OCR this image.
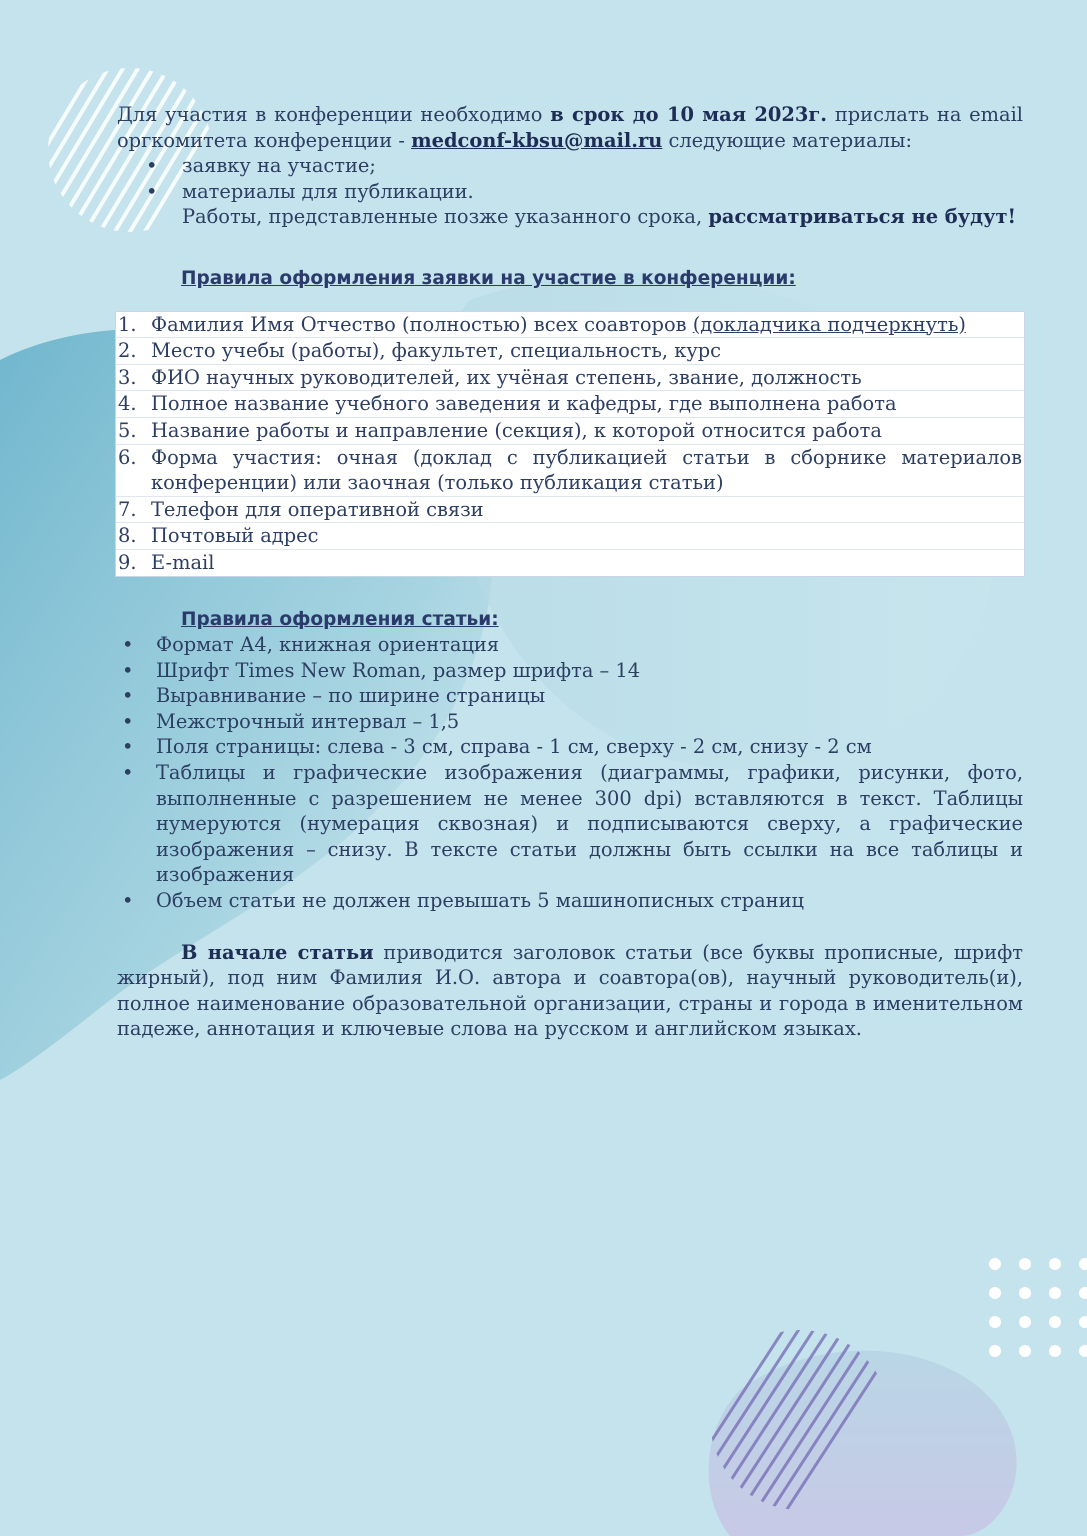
Для участия в конференции необходимо в срок до 10 мая 2023г. прислать на email оргкомитета конференции - medconf-kbsu@mail.ru следующие материалы:

• заявку на участие;
• материалы для публикации.

Работы, представленные позже указанного срока, рассматриваться не будут!

Правила оформления заявки на участие в конференции:

1. Фамилия Имя Отчество (полностью) всех соавторов (докладчика подчеркнуть)
2. Место учебы (работы), факультет, специальность, курс
3. ФИО научных руководителей, их учёная степень, звание, должность
4. Полное название учебного заведения и кафедры, где выполнена работа
5. Название работы и направление (секция), к которой относится работа
6. Форма участия: очная (доклад с публикацией статьи в сборнике материалов конференции) или заочная (только публикация статьи)
7. Телефон для оперативной связи
8. Почтовый адрес
9. E-mail

Правила оформления статьи:

• Формат А4, книжная ориентация
• Шрифт Times New Roman, размер шрифта – 14
• Выравнивание – по ширине страницы
• Межстрочный интервал – 1,5
• Поля страницы: слева - 3 см, справа - 1 см, сверху - 2 см, снизу - 2 см
• Таблицы и графические изображения (диаграммы, графики, рисунки, фото, выполненные с разрешением не менее 300 dpi) вставляются в текст. Таблицы нумеруются (нумерация сквозная) и подписываются сверху, а графические изображения – снизу. В тексте статьи должны быть ссылки на все таблицы и изображения
• Объем статьи не должен превышать 5 машинописных страниц

В начале статьи приводится заголовок статьи (все буквы прописные, шрифт жирный), под ним Фамилия И.О. автора и соавтора(ов), научный руководитель(и), полное наименование образовательной организации, страны и города в именительном падеже, аннотация и ключевые слова на русском и английском языках.
